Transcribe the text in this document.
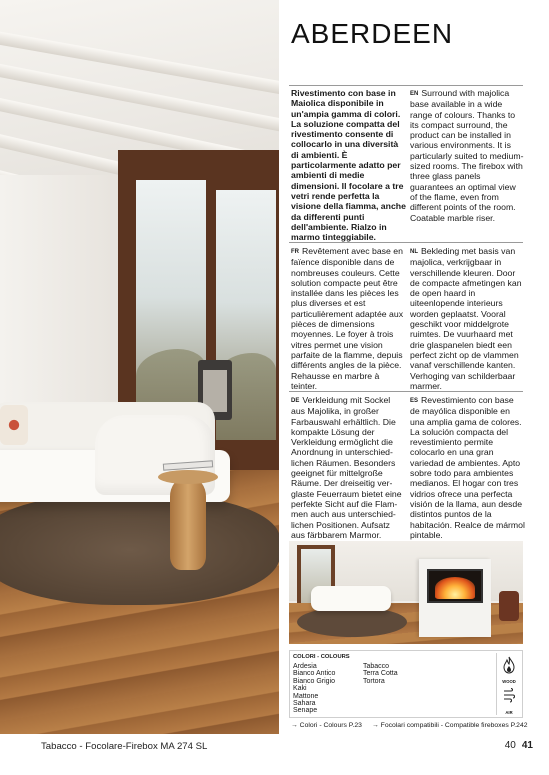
ABERDEEN
Rivestimento con base in Maiolica disponibile in un'ampia gamma di colori. La soluzione compatta del rivestimento consente di collocarlo in una diversità di ambienti. È particolarmente adatto per ambienti di medie dimensioni. Il focolare a tre vetri rende perfetta la visione della fiamma, anche da differenti punti dell'ambiente. Rialzo in marmo tinteggiabile.
EN Surround with majolica base available in a wide range of colours. Thanks to its compact surround, the product can be installed in various environments. It is particularly suited to medium-sized rooms. The firebox with three glass panels guarantees an optimal view of the flame, even from different points of the room. Coatable marble riser.
FR Revêtement avec base en faïence disponible dans de nombreuses couleurs. Cette solution compacte peut être installée dans les pièces les plus diverses et est particulièrement adaptée aux pièces de dimensions moyennes. Le foyer à trois vitres permet une vision parfaite de la flamme, depuis différents angles de la pièce. Rehausse en marbre à teinter.
NL Bekleding met basis van majolica, verkrijgbaar in verschillende kleuren. Door de compacte afmetingen kan de open haard in uiteenlopende interieurs worden geplaatst. Vooral geschikt voor middelgrote ruimtes. De vuurhaard met drie glaspanelen biedt een perfect zicht op de vlammen vanaf verschillende kanten. Verhoging van schilderbaar marmer.
DE Verkleidung mit Sockel aus Majolika, in großer Farbauswahl erhältlich. Die kompakte Lösung der Verkleidung ermöglicht die Anordnung in unterschied-lichen Räumen. Besonders geeignet für mittelgroße Räume. Der dreiseitig ver-glaste Feuerraum bietet eine perfekte Sicht auf die Flam-men auch aus unterschied-lichen Positionen. Aufsatz aus färbbarem Marmor.
ES Revestimiento con base de mayólica disponible en una amplia gama de colores. La solución compacta del revestimiento permite colocarlo en una gran variedad de ambientes. Apto sobre todo para ambientes medianos. El hogar con tres vidrios ofrece una perfecta visión de la llama, aun desde distintos puntos de la habitación. Realce de mármol pintable.
COLORI - COLOURS
Ardesia
Bianco Antico
Bianco Grigio
Kaki
Mattone
Sahara
Senape
Tabacco
Terra Cotta
Tortora	WOOD
AIR
→ Colori - Colours P.23 → Focolari compatibili - Compatible fireboxes P.242
Tabacco - Focolare-Firebox MA 274 SL	40 41
